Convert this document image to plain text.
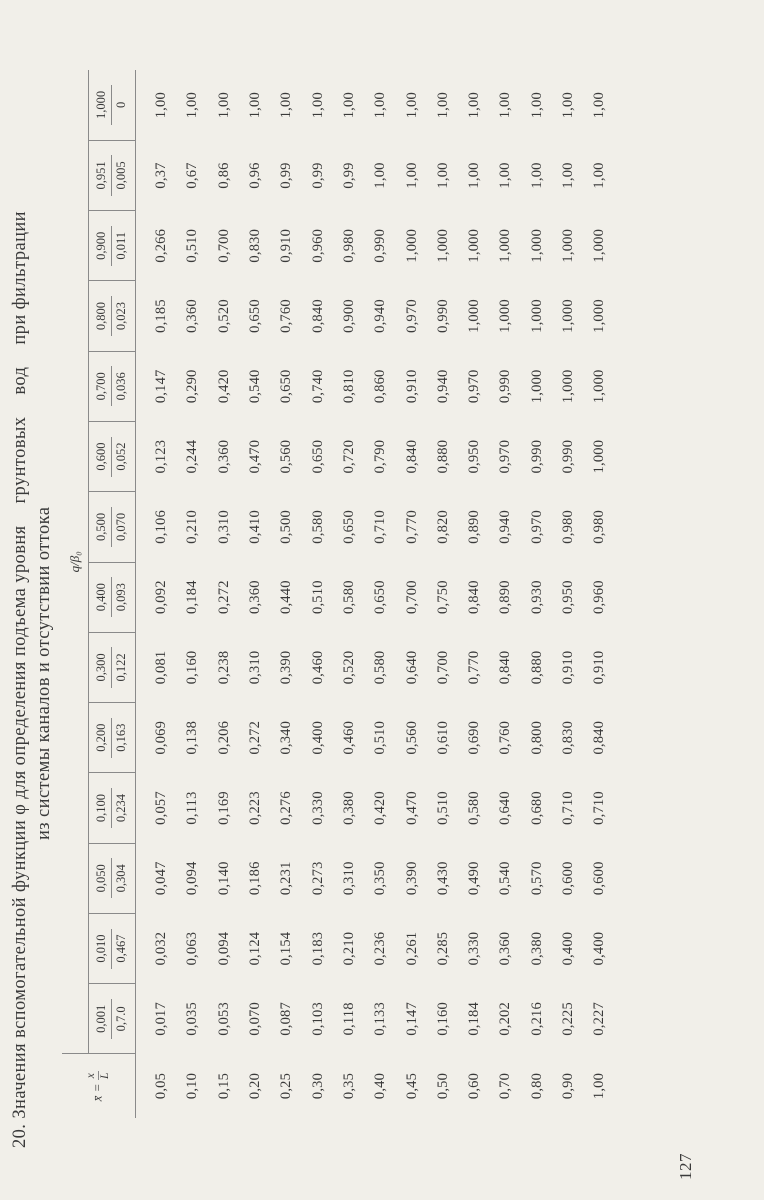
20. Значения вспомогательной функции φ для определения подъема уровнягрунтовыхводпри фильтрации
из системы каналов и отсутствии оттока
x̄ =
x L	q/β₀													

	0,001 0,7.0	0,010 0,467	0,050 0,304	0,100 0,234	0,200 0,163	0,300 0,122	0,400 0,093	0,500 0,070	0,600 0,052	0,700 0,036	0,800 0,023	0,900 0,011	0,951 0,005	1,000 0

0,05	0,017	0,032	0,047	0,057	0,069	0,081	0,092	0,106	0,123	0,147	0,185	0,266	0,37	1,00
0,10	0,035	0,063	0,094	0,113	0,138	0,160	0,184	0,210	0,244	0,290	0,360	0,510	0,67	1,00
0,15	0,053	0,094	0,140	0,169	0,206	0,238	0,272	0,310	0,360	0,420	0,520	0,700	0,86	1,00
0,20	0,070	0,124	0,186	0,223	0,272	0,310	0,360	0,410	0,470	0,540	0,650	0,830	0,96	1,00
0,25	0,087	0,154	0,231	0,276	0,340	0,390	0,440	0,500	0,560	0,650	0,760	0,910	0,99	1,00
0,30	0,103	0,183	0,273	0,330	0,400	0,460	0,510	0,580	0,650	0,740	0,840	0,960	0,99	1,00
0,35	0,118	0,210	0,310	0,380	0,460	0,520	0,580	0,650	0,720	0,810	0,900	0,980	0,99	1,00
0,40	0,133	0,236	0,350	0,420	0,510	0,580	0,650	0,710	0,790	0,860	0,940	0,990	1,00	1,00
0,45	0,147	0,261	0,390	0,470	0,560	0,640	0,700	0,770	0,840	0,910	0,970	1,000	1,00	1,00
0,50	0,160	0,285	0,430	0,510	0,610	0,700	0,750	0,820	0,880	0,940	0,990	1,000	1,00	1,00
0,60	0,184	0,330	0,490	0,580	0,690	0,770	0,840	0,890	0,950	0,970	1,000	1,000	1,00	1,00
0,70	0,202	0,360	0,540	0,640	0,760	0,840	0,890	0,940	0,970	0,990	1,000	1,000	1,00	1,00
0,80	0,216	0,380	0,570	0,680	0,800	0,880	0,930	0,970	0,990	1,000	1,000	1,000	1,00	1,00
0,90	0,225	0,400	0,600	0,710	0,830	0,910	0,950	0,980	0,990	1,000	1,000	1,000	1,00	1,00
1,00	0,227	0,400	0,600	0,710	0,840	0,910	0,960	0,980	1,000	1,000	1,000	1,000	1,00	1,00
127
